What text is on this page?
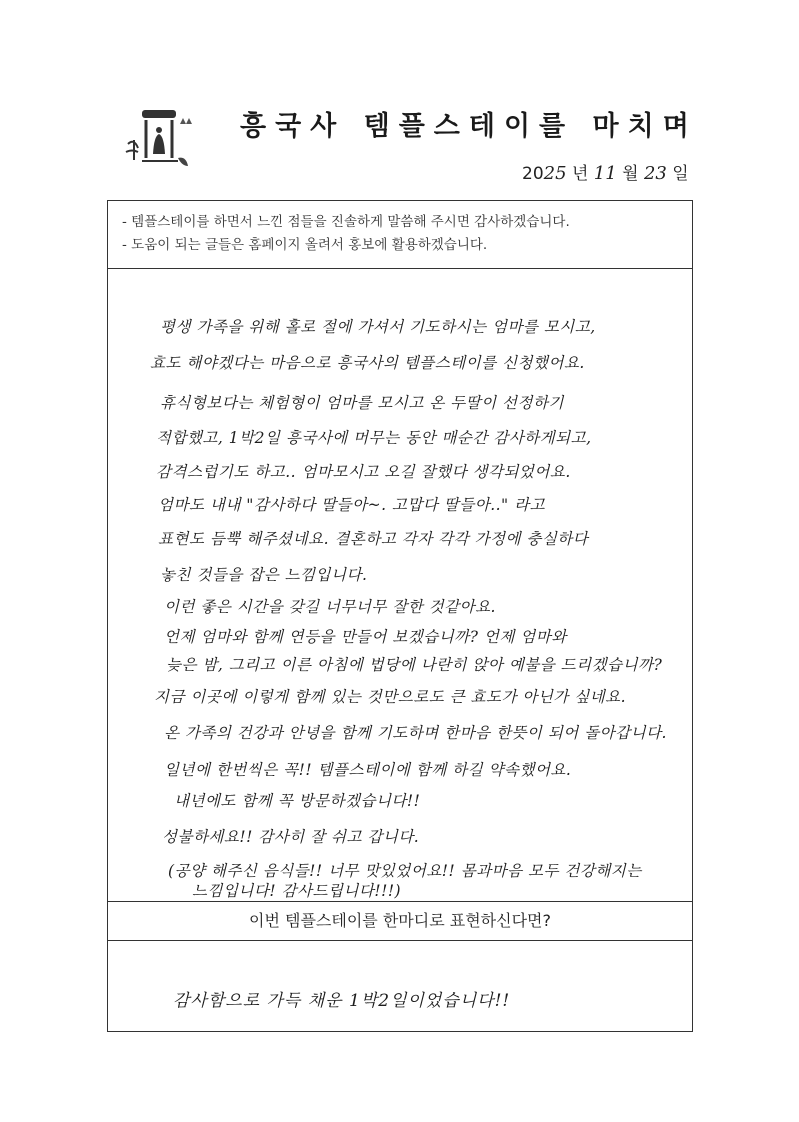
흥국사 템플스테이를 마치며
2025 년 11 월 23 일
- 템플스테이를 하면서 느낀 점들을 진솔하게 말씀해 주시면 감사하겠습니다.
- 도움이 되는 글들은 홈페이지 올려서 홍보에 활용하겠습니다.
평생 가족을 위해 홀로 절에 가셔서 기도하시는 엄마를 모시고,
효도 해야겠다는 마음으로 흥국사의 템플스테이를 신청했어요.
휴식형보다는 체험형이 엄마를 모시고 온 두딸이 선정하기
적합했고, 1박2일 흥국사에 머무는 동안 매순간 감사하게되고,
감격스럽기도 하고.. 엄마모시고 오길 잘했다 생각되었어요.
엄마도 내내 "감사하다 딸들아~. 고맙다 딸들아.." 라고
표현도 듬뿍 해주셨네요. 결혼하고 각자 각각 가정에 충실하다
놓친 것들을 잡은 느낌입니다.
이런 좋은 시간을 갖길 너무너무 잘한 것같아요.
언제 엄마와 함께 연등을 만들어 보겠습니까? 언제 엄마와
늦은 밤, 그리고 이른 아침에 법당에 나란히 앉아 예불을 드리겠습니까?
지금 이곳에 이렇게 함께 있는 것만으로도 큰 효도가 아닌가 싶네요.
온 가족의 건강과 안녕을 함께 기도하며 한마음 한뜻이 되어 돌아갑니다.
일년에 한번씩은 꼭!! 템플스테이에 함께 하길 약속했어요.
내년에도 함께 꼭 방문하겠습니다!!
성불하세요!! 감사히 잘 쉬고 갑니다.
(공양 해주신 음식들!! 너무 맛있었어요!! 몸과마음 모두 건강해지는
느낌입니다! 감사드립니다!!!)
이번 템플스테이를 한마디로 표현하신다면?
감사함으로 가득 채운 1박2일이었습니다!!
